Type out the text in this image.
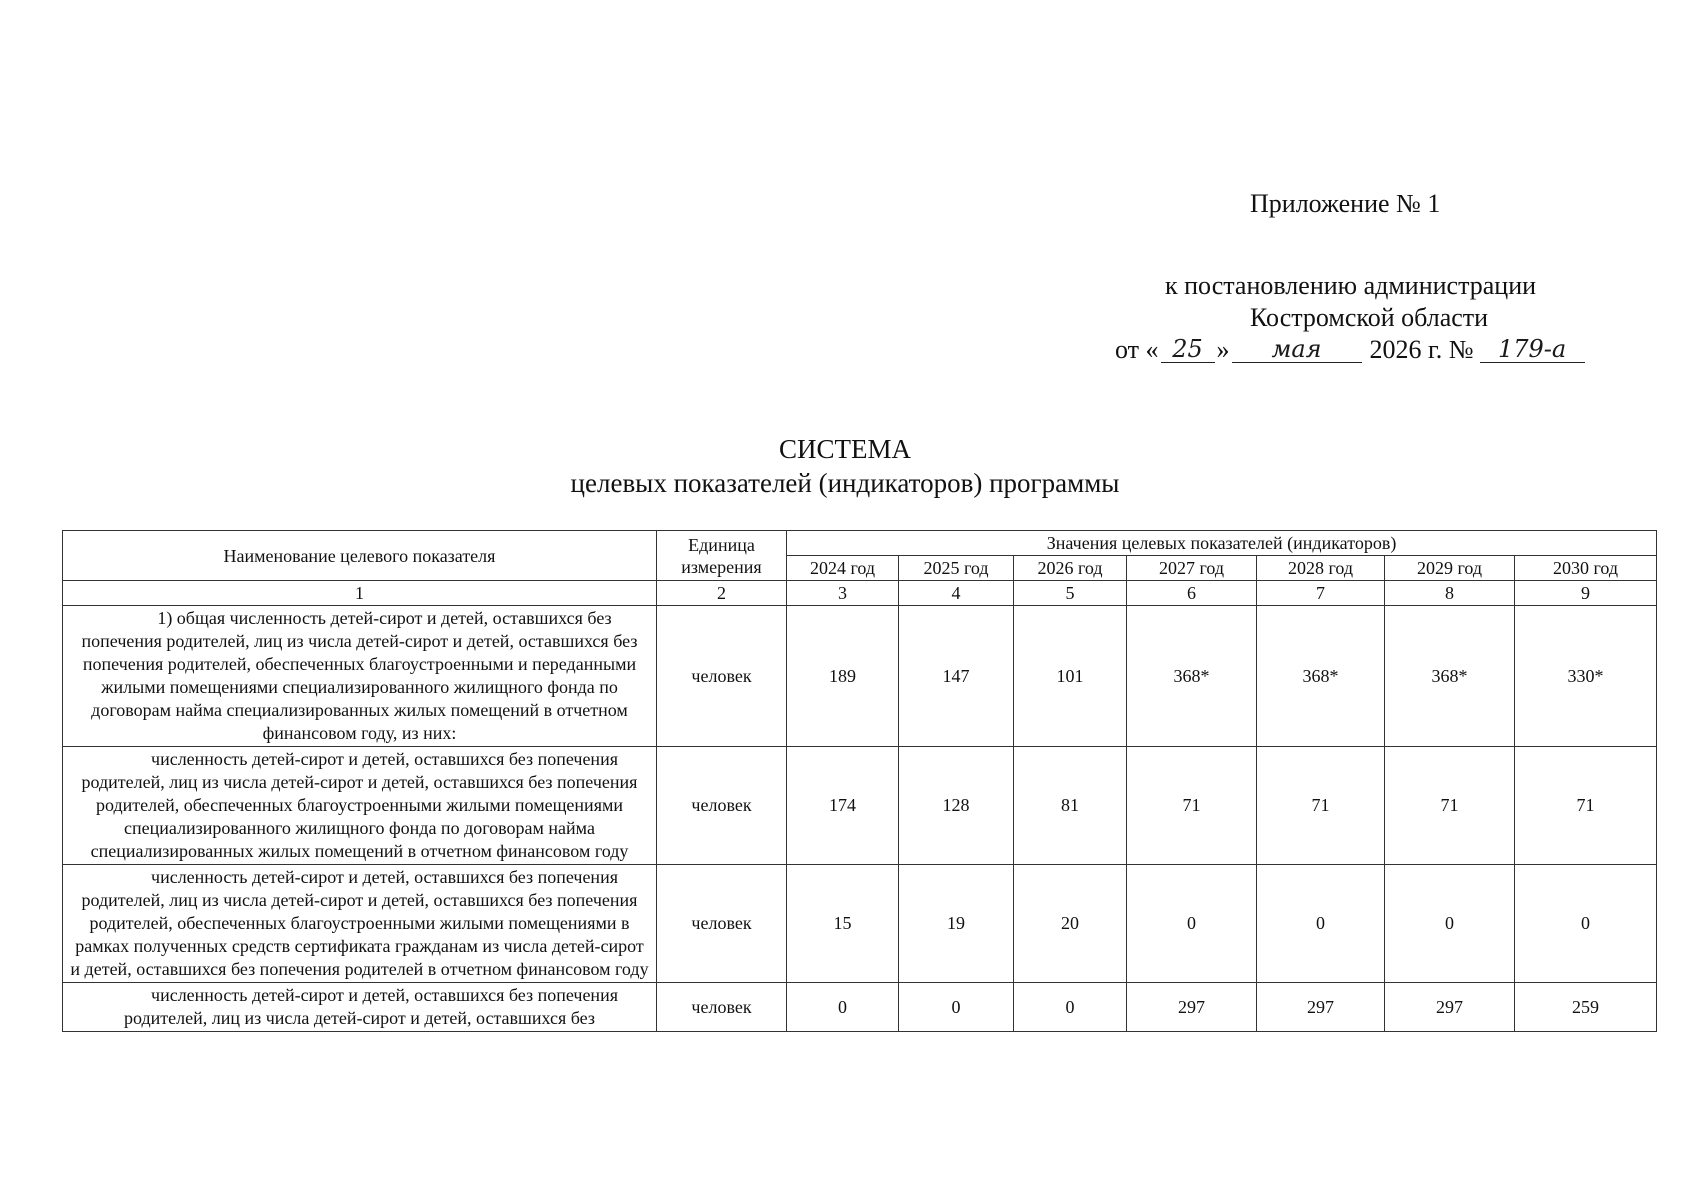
Приложение № 1
к постановлению администрации
Костромской области
от « 25 »	мая	2026 г. №	179-а
СИСТЕМА
целевых показателей (индикаторов) программы
Наименование целевого показателя	Единица измерения	Значения целевых показателей (индикаторов)						
		2024 год	2025 год	2026 год	2027 год	2028 год	2029 год	2030 год
1	2	3	4	5	6	7	8	9
1) общая численность детей-сирот и детей, оставшихся без попечения родителей, лиц из числа детей-сирот и детей, оставшихся без попечения родителей, обеспеченных благоустроенными и переданными жилыми помещениями специализированного жилищного фонда по договорам найма специализированных жилых помещений в отчетном финансовом году, из них:	человек	189	147	101	368*	368*	368*	330*
численность детей-сирот и детей, оставшихся без попечения родителей, лиц из числа детей-сирот и детей, оставшихся без попечения родителей, обеспеченных благоустроенными жилыми помещениями специализированного жилищного фонда по договорам найма специализированных жилых помещений в отчетном финансовом году	человек	174	128	81	71	71	71	71
численность детей-сирот и детей, оставшихся без попечения родителей, лиц из числа детей-сирот и детей, оставшихся без попечения родителей, обеспеченных благоустроенными жилыми помещениями в рамках полученных средств сертификата гражданам из числа детей-сирот и детей, оставшихся без попечения родителей в отчетном финансовом году	человек	15	19	20	0	0	0	0
численность детей-сирот и детей, оставшихся без попечения родителей, лиц из числа детей-сирот и детей, оставшихся без	человек	0	0	0	297	297	297	259
